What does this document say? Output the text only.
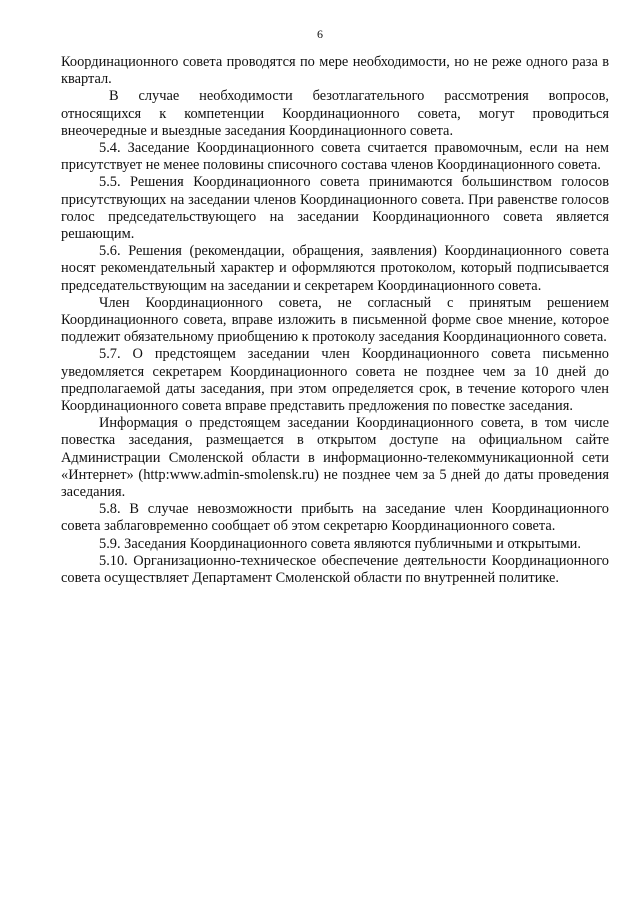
6

Координационного совета проводятся по мере необходимости, но не реже одного раза в квартал.

В случае необходимости безотлагательного рассмотрения вопросов, относящихся к компетенции Координационного совета, могут проводиться внеочередные и выездные заседания Координационного совета.

5.4. Заседание Координационного совета считается правомочным, если на нем присутствует не менее половины списочного состава членов Координационного совета.

5.5. Решения Координационного совета принимаются большинством голосов присутствующих на заседании членов Координационного совета. При равенстве голосов голос председательствующего на заседании Координационного совета является решающим.

5.6. Решения (рекомендации, обращения, заявления) Координационного совета носят рекомендательный характер и оформляются протоколом, который подписывается председательствующим на заседании и секретарем Координационного совета.

Член Координационного совета, не согласный с принятым решением Координационного совета, вправе изложить в письменной форме свое мнение, которое подлежит обязательному приобщению к протоколу заседания Координационного совета.

5.7. О предстоящем заседании член Координационного совета письменно уведомляется секретарем Координационного совета не позднее чем за 10 дней до предполагаемой даты заседания, при этом определяется срок, в течение которого член Координационного совета вправе представить предложения по повестке заседания.

Информация о предстоящем заседании Координационного совета, в том числе повестка заседания, размещается в открытом доступе на официальном сайте Администрации Смоленской области в информационно-телекоммуникационной сети «Интернет» (http:www.admin-smolensk.ru) не позднее чем за 5 дней до даты проведения заседания.

5.8. В случае невозможности прибыть на заседание член Координационного совета заблаговременно сообщает об этом секретарю Координационного совета.

5.9. Заседания Координационного совета являются публичными и открытыми.

5.10. Организационно-техническое обеспечение деятельности Координационного совета осуществляет Департамент Смоленской области по внутренней политике.
